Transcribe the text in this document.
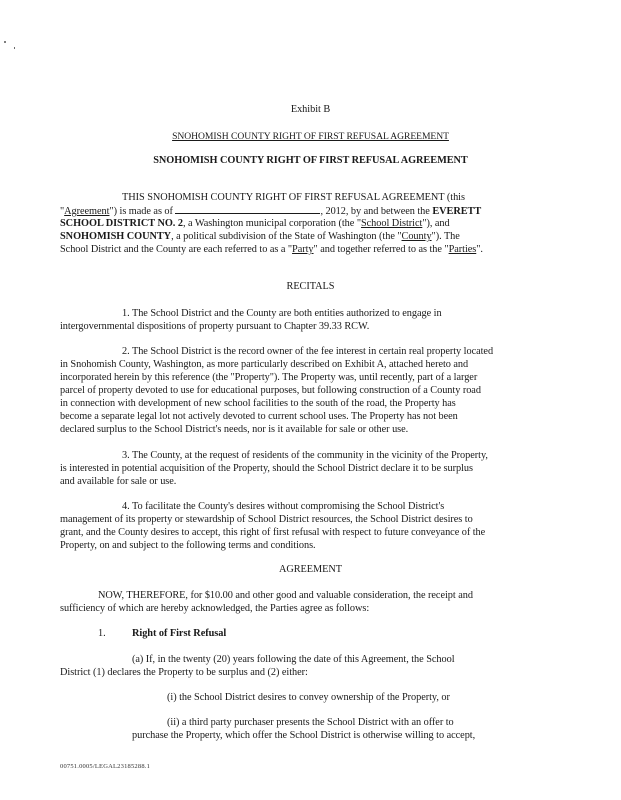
Exhibit B
SNOHOMISH COUNTY RIGHT OF FIRST REFUSAL AGREEMENT
SNOHOMISH COUNTY RIGHT OF FIRST REFUSAL AGREEMENT
THIS SNOHOMISH COUNTY RIGHT OF FIRST REFUSAL AGREEMENT (this
"Agreement") is made as of	, 2012, by and between the EVERETT
SCHOOL DISTRICT NO. 2, a Washington municipal corporation (the "School District"), and
SNOHOMISH COUNTY, a political subdivision of the State of Washington (the "County"). The
School District and the County are each referred to as a "Party" and together referred to as the "Parties".
RECITALS
1. The School District and the County are both entities authorized to engage in
intergovernmental dispositions of property pursuant to Chapter 39.33 RCW.
2. The School District is the record owner of the fee interest in certain real property located
in Snohomish County, Washington, as more particularly described on Exhibit A, attached hereto and
incorporated herein by this reference (the "Property"). The Property was, until recently, part of a larger
parcel of property devoted to use for educational purposes, but following construction of a County road
in connection with development of new school facilities to the south of the road, the Property has
become a separate legal lot not actively devoted to current school uses. The Property has not been
declared surplus to the School District's needs, nor is it available for sale or other use.
3. The County, at the request of residents of the community in the vicinity of the Property,
is interested in potential acquisition of the Property, should the School District declare it to be surplus
and available for sale or use.
4. To facilitate the County's desires without compromising the School District's
management of its property or stewardship of School District resources, the School District desires to
grant, and the County desires to accept, this right of first refusal with respect to future conveyance of the
Property, on and subject to the following terms and conditions.
AGREEMENT
NOW, THEREFORE, for $10.00 and other good and valuable consideration, the receipt and
sufficiency of which are hereby acknowledged, the Parties agree as follows:
1.	Right of First Refusal
(a) If, in the twenty (20) years following the date of this Agreement, the School
District (1) declares the Property to be surplus and (2) either:
(i) the School District desires to convey ownership of the Property, or
(ii) a third party purchaser presents the School District with an offer to
purchase the Property, which offer the School District is otherwise willing to accept,
00751.0005/LEGAL23185288.1
